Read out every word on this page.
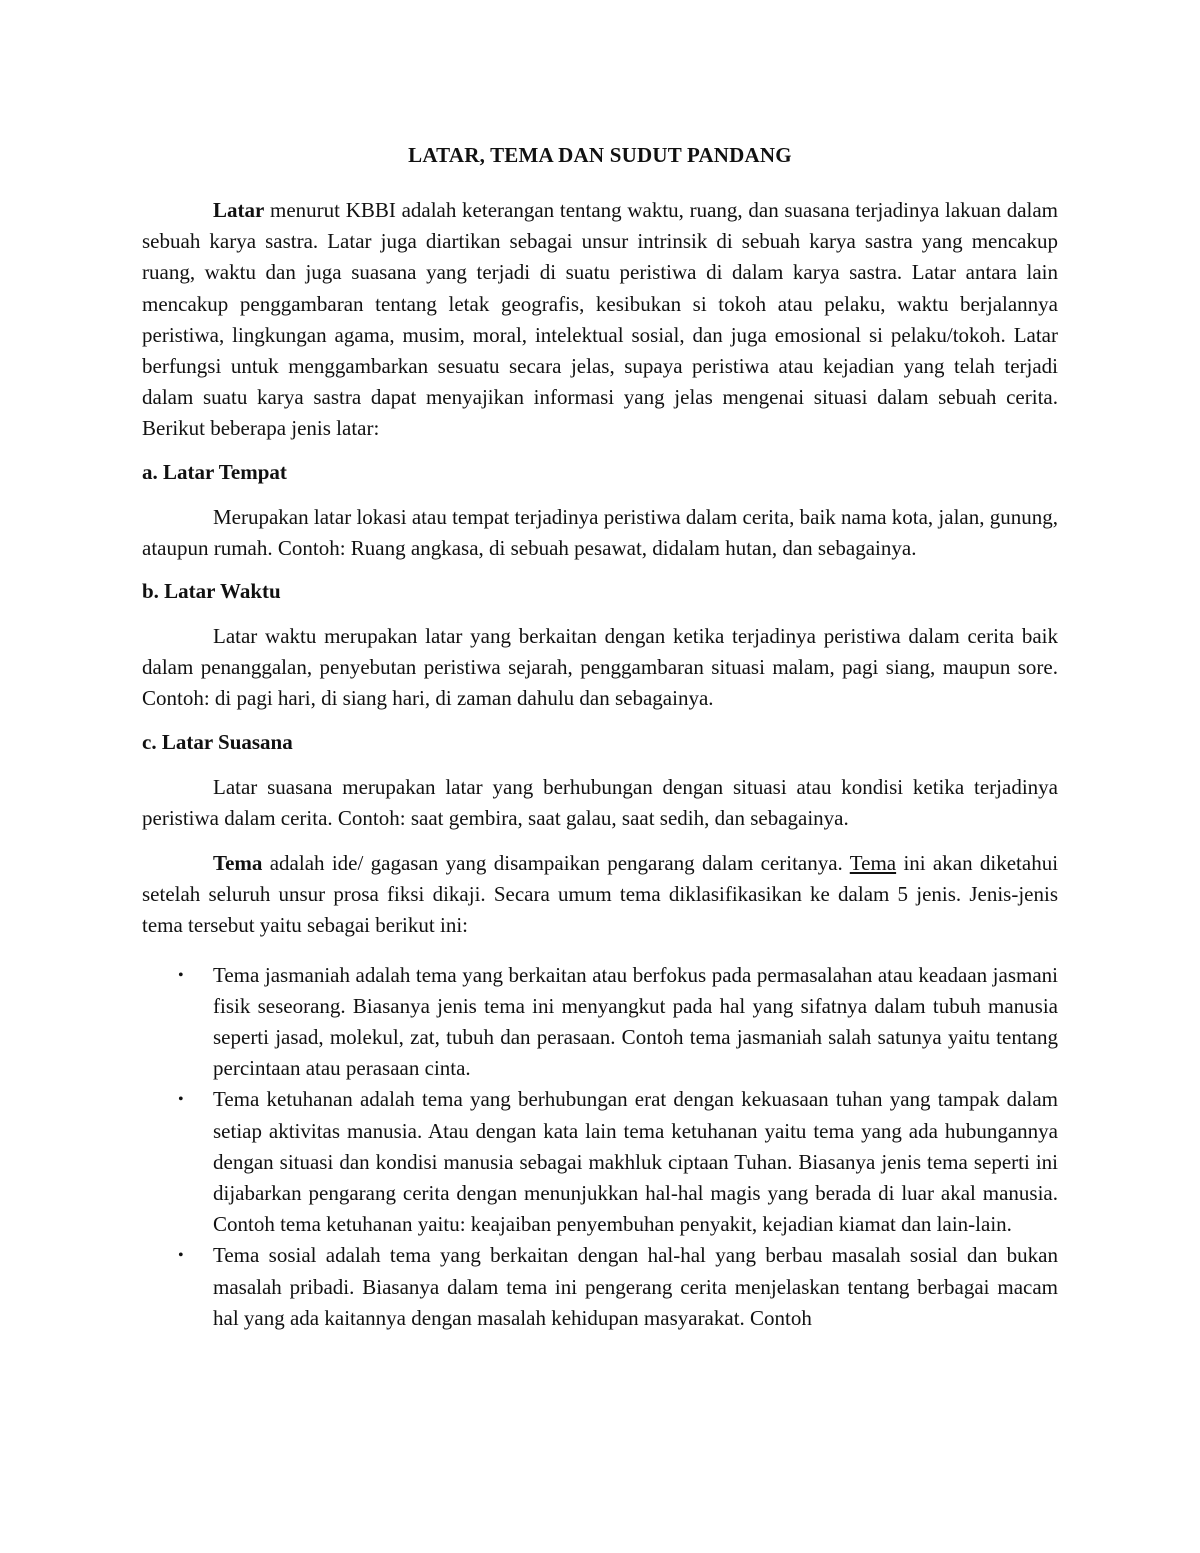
LATAR, TEMA DAN SUDUT PANDANG

Latar menurut KBBI adalah keterangan tentang waktu, ruang, dan suasana terjadinya lakuan dalam sebuah karya sastra. Latar juga diartikan sebagai unsur intrinsik di sebuah karya sastra yang mencakup ruang, waktu dan juga suasana yang terjadi di suatu peristiwa di dalam karya sastra. Latar antara lain mencakup penggambaran tentang letak geografis, kesibukan si tokoh atau pelaku, waktu berjalannya peristiwa, lingkungan agama, musim, moral, intelektual sosial, dan juga emosional si pelaku/tokoh. Latar berfungsi untuk menggambarkan sesuatu secara jelas, supaya peristiwa atau kejadian yang telah terjadi dalam suatu karya sastra dapat menyajikan informasi yang jelas mengenai situasi dalam sebuah cerita. Berikut beberapa jenis latar:

a. Latar Tempat

Merupakan latar lokasi atau tempat terjadinya peristiwa dalam cerita, baik nama kota, jalan, gunung, ataupun rumah. Contoh: Ruang angkasa, di sebuah pesawat, didalam hutan, dan sebagainya.

b. Latar Waktu

Latar waktu merupakan latar yang berkaitan dengan ketika terjadinya peristiwa dalam cerita baik dalam penanggalan, penyebutan peristiwa sejarah, penggambaran situasi malam, pagi siang, maupun sore. Contoh: di pagi hari, di siang hari, di zaman dahulu dan sebagainya.

c. Latar Suasana

Latar suasana merupakan latar yang berhubungan dengan situasi atau kondisi ketika terjadinya peristiwa dalam cerita. Contoh: saat gembira, saat galau, saat sedih, dan sebagainya.

Tema adalah ide/ gagasan yang disampaikan pengarang dalam ceritanya. Tema ini akan diketahui setelah seluruh unsur prosa fiksi dikaji. Secara umum tema diklasifikasikan ke dalam 5 jenis. Jenis-jenis tema tersebut yaitu sebagai berikut ini:

• Tema jasmaniah adalah tema yang berkaitan atau berfokus pada permasalahan atau keadaan jasmani fisik seseorang. Biasanya jenis tema ini menyangkut pada hal yang sifatnya dalam tubuh manusia seperti jasad, molekul, zat, tubuh dan perasaan. Contoh tema jasmaniah salah satunya yaitu tentang percintaan atau perasaan cinta.
• Tema ketuhanan adalah tema yang berhubungan erat dengan kekuasaan tuhan yang tampak dalam setiap aktivitas manusia. Atau dengan kata lain tema ketuhanan yaitu tema yang ada hubungannya dengan situasi dan kondisi manusia sebagai makhluk ciptaan Tuhan. Biasanya jenis tema seperti ini dijabarkan pengarang cerita dengan menunjukkan hal-hal magis yang berada di luar akal manusia. Contoh tema ketuhanan yaitu: keajaiban penyembuhan penyakit, kejadian kiamat dan lain-lain.
• Tema sosial adalah tema yang berkaitan dengan hal-hal yang berbau masalah sosial dan bukan masalah pribadi. Biasanya dalam tema ini pengerang cerita menjelaskan tentang berbagai macam hal yang ada kaitannya dengan masalah kehidupan masyarakat. Contoh
